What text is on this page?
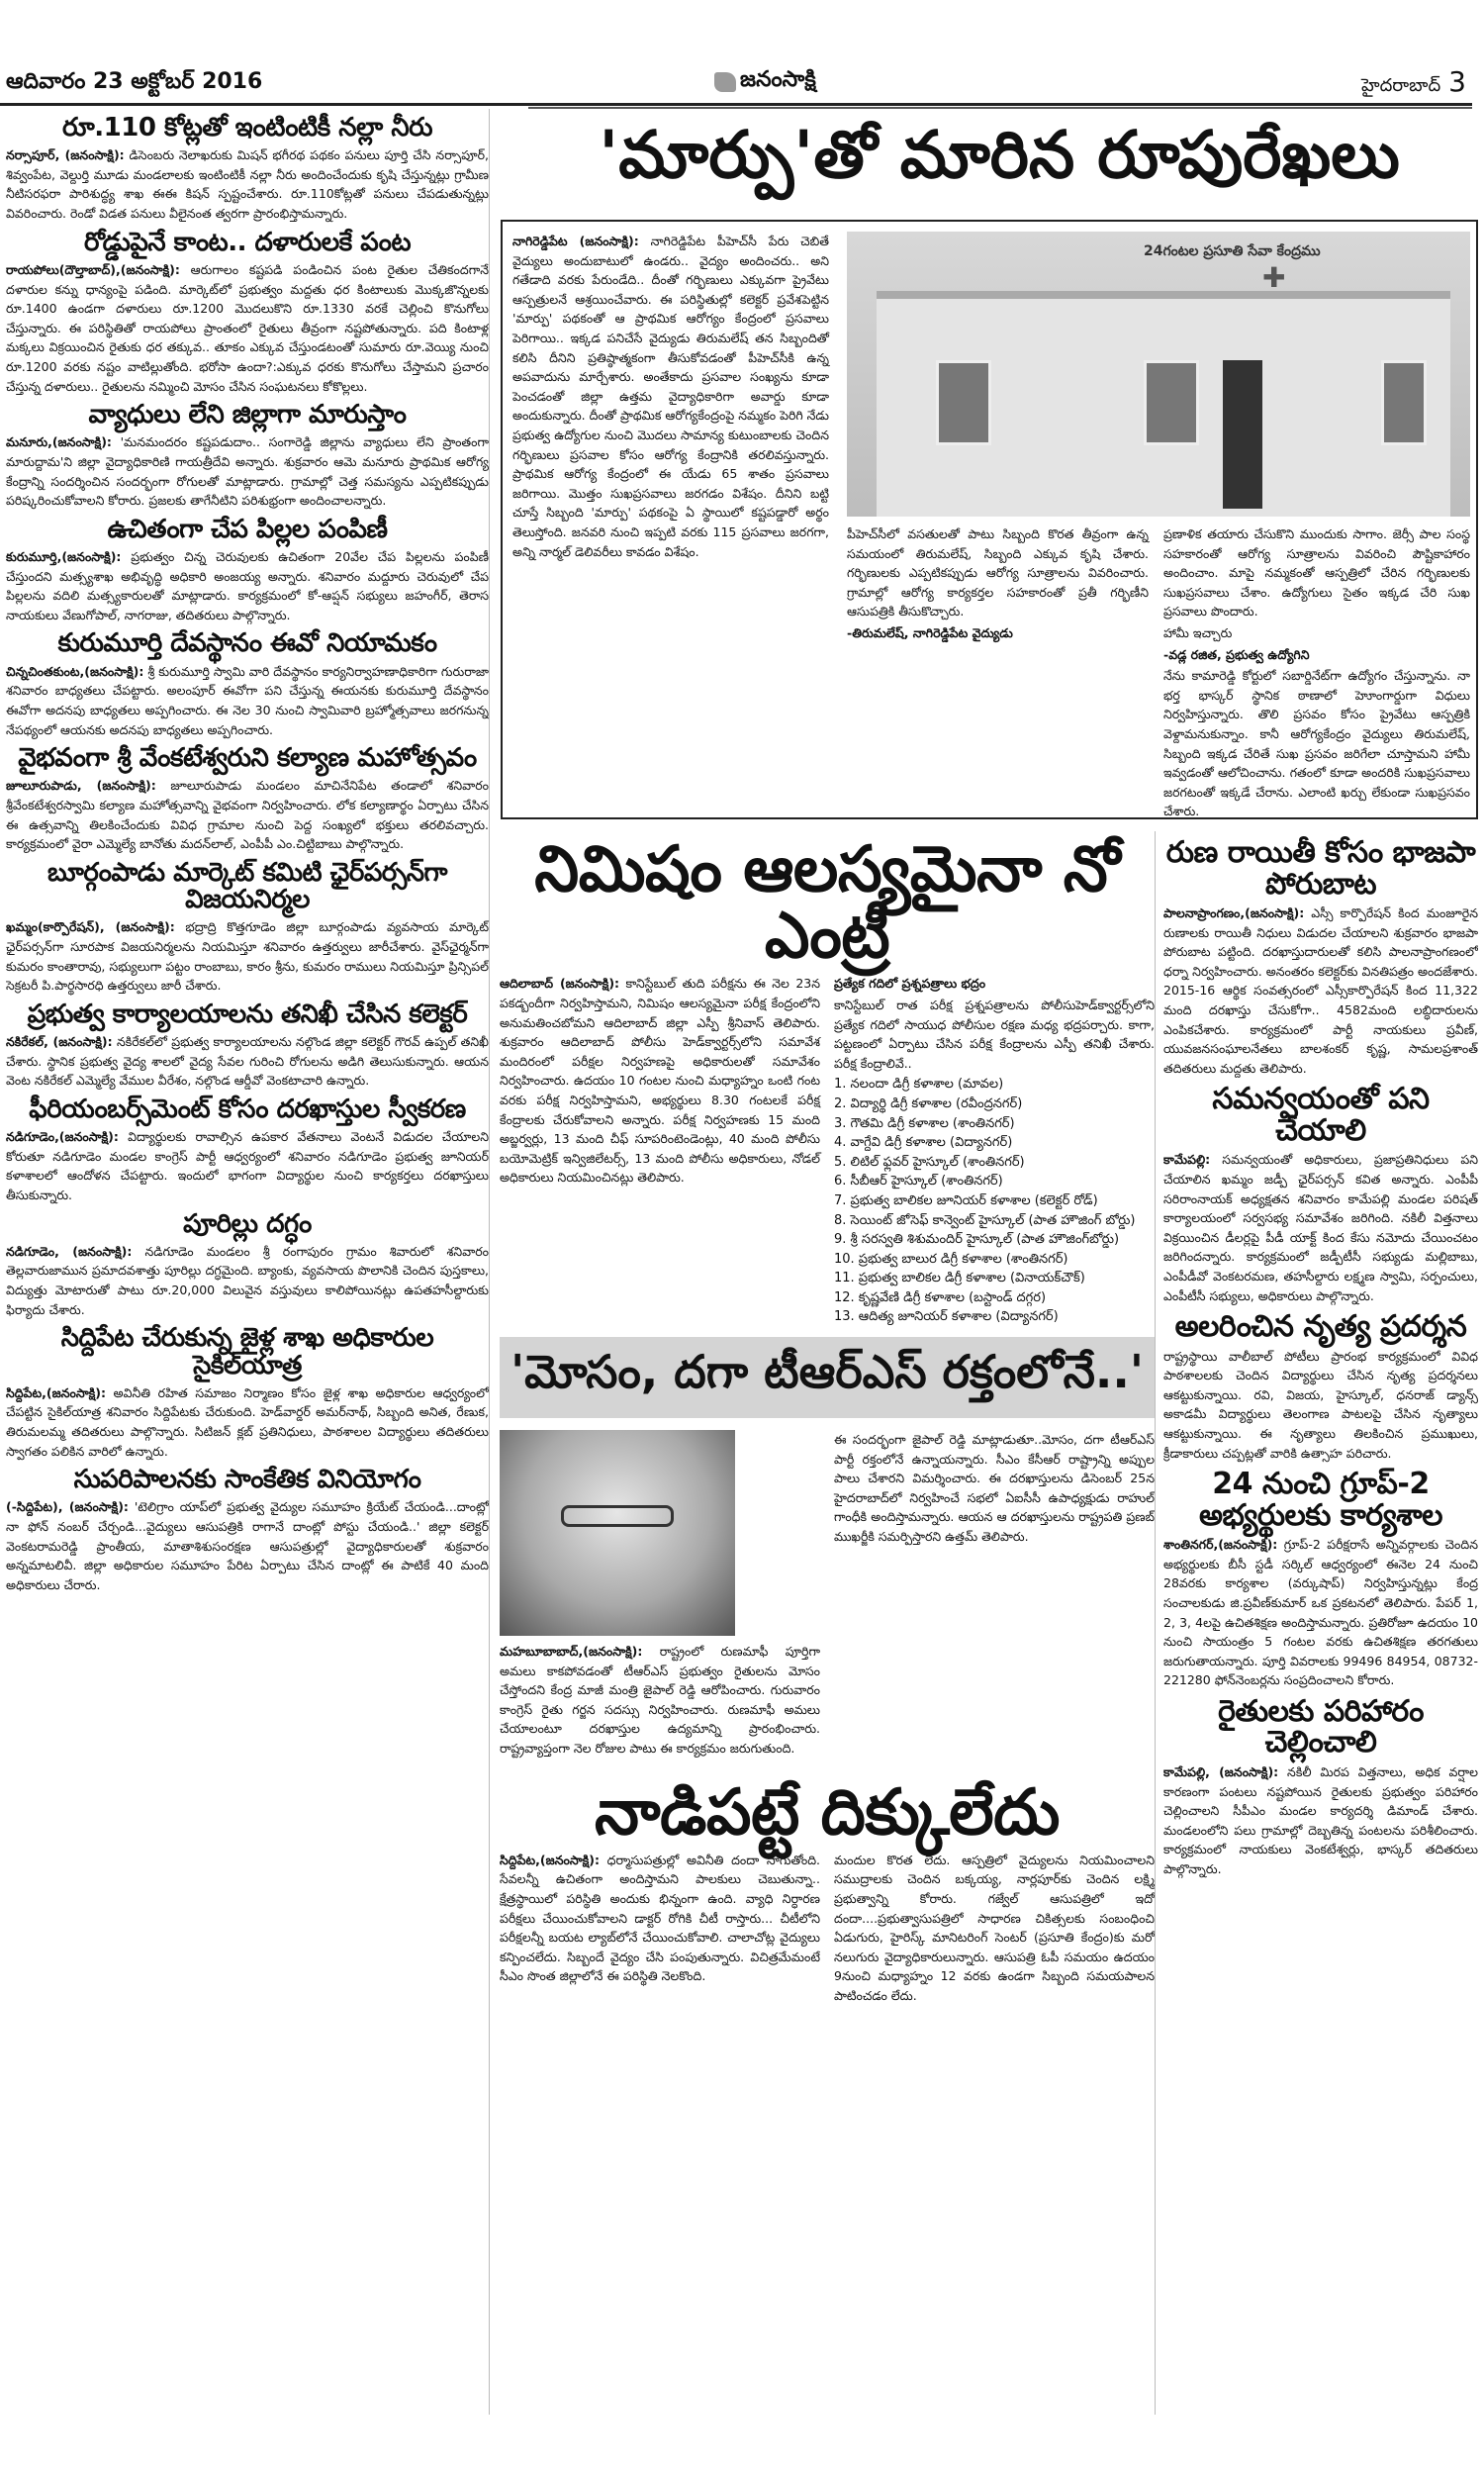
ఆదివారం 23 అక్టోబర్ 2016	జనంసాక్షి	హైదరాబాద్ 3
'మార్పు'తో మారిన రూపురేఖలు

నాగిరెడ్డిపేట (జనంసాక్షి): నాగిరెడ్డిపేట పీహెచ్‌సీ పేరు చెబితే వైద్యులు అందుబాటులో ఉండరు.. వైద్యం అందించరు.. అని గతేడాది వరకు పేరుండేది.. దీంతో గర్భిణులు ఎక్కువగా ప్రైవేటు ఆస్పత్రులనే ఆశ్రయించేవారు. ఈ పరిస్థితుల్లో కలెక్టర్ ప్రవేశపెట్టిన 'మార్పు' పథకంతో ఆ ప్రాథమిక ఆరోగ్యం కేంద్రంలో ప్రసవాలు పెరిగాయి.. ఇక్కడ పనిచేసే వైద్యుడు తిరుమలేష్ తన సిబ్బందితో కలిసి దీనిని ప్రతిష్ఠాత్మకంగా తీసుకోవడంతో పీహెచ్‌సీకి ఉన్న అపవాదును మార్చేశారు. అంతేకాదు ప్రసవాల సంఖ్యను కూడా పెంచడంతో జిల్లా ఉత్తమ వైద్యాధికారిగా అవార్డు కూడా అందుకున్నారు. దీంతో ప్రాథమిక ఆరోగ్యకేంద్రంపై నమ్మకం పెరిగి నేడు ప్రభుత్వ ఉద్యోగుల నుంచి మొదలు సామాన్య కుటుంబాలకు చెందిన గర్భిణులు ప్రసవాల కోసం ఆరోగ్య కేంద్రానికి తరలివస్తున్నారు. ప్రాథమిక ఆరోగ్య కేంద్రంలో ఈ యేడు 65 శాతం ప్రసవాలు జరిగాయి. మొత్తం సుఖప్రసవాలు జరగడం విశేషం. దీనిని బట్టి చూస్తే సిబ్బంది 'మార్పు' పథకంపై ఏ స్థాయిలో కష్టపడ్డారో అర్థం తెలుస్తోంది. జనవరి నుంచి ఇప్పటి వరకు 115 ప్రసవాలు జరగగా, అన్ని నార్మల్ డెలివరీలు కావడం విశేషం.

24గంటల ప్రసూతి సేవా కేంద్రము
✚

పీహెచ్‌సీలో వసతులతో పాటు సిబ్బంది కొరత తీవ్రంగా ఉన్న సమయంలో తిరుమలేష్, సిబ్బంది ఎక్కువ కృషి చేశారు. గర్భిణులకు ఎప్పటికప్పుడు ఆరోగ్య సూత్రాలను వివరించారు. గ్రామాల్లో ఆరోగ్య కార్యకర్తల సహకారంతో ప్రతీ గర్భిణీని ఆసుపత్రికి తీసుకొచ్చారు.

-తిరుమలేష్, నాగిరెడ్డిపేట వైద్యుడు

ప్రణాళిక తయారు చేసుకొని ముందుకు సాగాం. జెర్సీ పాల సంస్థ సహకారంతో ఆరోగ్య సూత్రాలను వివరించి పౌష్టికాహారం అందించాం. మాపై నమ్మకంతో ఆస్పత్రిలో చేరిన గర్భిణులకు సుఖప్రసవాలు చేశాం. ఉద్యోగులు సైతం ఇక్కడ చేరి సుఖ ప్రసవాలు పొందారు.

హామీ ఇచ్చారు

-వడ్ల రజిత, ప్రభుత్వ ఉద్యోగిని

నేను కామారెడ్డి కోర్టులో సబార్డినేట్‌గా ఉద్యోగం చేస్తున్నాను. నా భర్త భాస్కర్ స్థానిక ఠాణాలో హెూంగార్డుగా విధులు నిర్వహిస్తున్నారు. తొలి ప్రసవం కోసం ప్రైవేటు ఆస్పత్రికి వెళ్దామనుకున్నాం. కానీ ఆరోగ్యకేంద్రం వైద్యులు తిరుమలేష్, సిబ్బంది ఇక్కడ చేరితే సుఖ ప్రసవం జరిగేలా చూస్తామని హామీ ఇవ్వడంతో ఆలోచించాను. గతంలో కూడా అందరికి సుఖప్రసవాలు జరగటంతో ఇక్కడే చేరాను. ఎలాంటి ఖర్చు లేకుండా సుఖప్రసవం చేశారు.

రూ.110 కోట్లతో ఇంటింటికీ నల్లా నీరు

నర్సాపూర్, (జనంసాక్షి): డిసెంబరు నెలాఖరుకు మిషన్ భగీరథ పథకం పనులు పూర్తి చేసి నర్సాపూర్, శివ్వంపేట, వెల్దుర్తి మూడు మండలాలకు ఇంటింటికీ నల్లా నీరు అందించేందుకు కృషి చేస్తున్నట్లు గ్రామీణ నీటిసరఫరా పారిశుద్ధ్య శాఖ ఈఈ కిషన్ స్పష్టంచేశారు. రూ.110కోట్లతో పనులు చేపడుతున్నట్లు వివరించారు. రెండో విడత పనులు వీలైనంత త్వరగా ప్రారంభిస్తామన్నారు.

రోడ్డుపైనే కాంట.. దళారులకే పంట

రాయపోలు(దౌల్తాబాద్),(జనంసాక్షి): ఆరుగాలం కష్టపడి పండించిన పంట రైతుల చేతికందగానే దళారుల కన్ను ధాన్యంపై పడింది. మార్కెట్‌లో ప్రభుత్వం మద్దతు ధర కింటాలుకు మొక్కజొన్నలకు రూ.1400 ఉండగా దళారులు రూ.1200 మొదలుకొని రూ.1330 వరకే చెల్లించి కొనుగోలు చేస్తున్నారు. ఈ పరిస్థితితో రాయపోలు ప్రాంతంలో రైతులు తీవ్రంగా నష్టపోతున్నారు. పది కింటాళ్ల మక్కలు విక్రయించిన రైతుకు ధర తక్కువ.. తూకం ఎక్కువ చేస్తుండటంతో సుమారు రూ.వెయ్యి నుంచి రూ.1200 వరకు నష్టం వాటిల్లుతోంది. భరోసా ఉందా?:ఎక్కువ ధరకు కొనుగోలు చేస్తామని ప్రచారం చేస్తున్న దళారులు.. రైతులను నమ్మించి మోసం చేసిన సంఘటనలు కోకొల్లలు.

వ్యాధులు లేని జిల్లాగా మారుస్తాం

మనూరు,(జనంసాక్షి): 'మనమందరం కష్టపడుదాం.. సంగారెడ్డి జిల్లాను వ్యాధులు లేని ప్రాంతంగా మారుద్దామ'ని జిల్లా వైద్యాధికారిణి గాయత్రీదేవి అన్నారు. శుక్రవారం ఆమె మనూరు ప్రాథమిక ఆరోగ్య కేంద్రాన్ని సందర్శించిన సందర్భంగా రోగులతో మాట్లాడారు. గ్రామాల్లో చెత్త సమస్యను ఎప్పటికప్పుడు పరిష్కరించుకోవాలని కోరారు. ప్రజలకు తాగేనీటిని పరిశుభ్రంగా అందించాలన్నారు.

ఉచితంగా చేప పిల్లల పంపిణీ

కురుమూర్తి,(జనంసాక్షి): ప్రభుత్వం చిన్న చెరువులకు ఉచితంగా 20వేల చేప పిల్లలను పంపిణీ చేస్తుందని మత్స్యశాఖ అభివృద్ధి అధికారి అంజయ్య అన్నారు. శనివారం మద్దూరు చెరువులో చేప పిల్లలను వదిలి మత్స్యకారులతో మాట్లాడారు. కార్యక్రమంలో కో-ఆప్షన్ సభ్యులు జహంగీర్, తెరాస నాయకులు వేణుగోపాల్, నాగరాజు, తదితరులు పాల్గొన్నారు.

కురుమూర్తి దేవస్థానం ఈవో నియామకం

చిన్నచింతకుంట,(జనంసాక్షి): శ్రీ కురుమూర్తి స్వామి వారి దేవస్థానం కార్యనిర్వాహణాధికారిగా గురురాజా శనివారం బాధ్యతలు చేపట్టారు. అలంపూర్ ఈవోగా పని చేస్తున్న ఈయనకు కురుమూర్తి దేవస్థానం ఈవోగా అదనపు బాధ్యతలు అప్పగించారు. ఈ నెల 30 నుంచి స్వామివారి బ్రహ్మోత్సవాలు జరగనున్న నేపథ్యంలో ఆయనకు అదనపు బాధ్యతలు అప్పగించారు.

వైభవంగా శ్రీ వేంకటేశ్వరుని కల్యాణ మహోత్సవం

జూలూరుపాడు, (జనంసాక్షి): జూలూరుపాడు మండలం మాచినేనిపేట తండాలో శనివారం శ్రీవేంకటేశ్వరస్వామి కల్యాణ మహోత్సవాన్ని వైభవంగా నిర్వహించారు. లోక కల్యాణార్థం ఏర్పాటు చేసిన ఈ ఉత్సవాన్ని తిలకించేందుకు వివిధ గ్రామాల నుంచి పెద్ద సంఖ్యలో భక్తులు తరలివచ్చారు. కార్యక్రమంలో వైరా ఎమ్మెల్యే బానోతు మదన్‌లాల్, ఎంపీపీ ఎం.చిట్టిబాబు పాల్గొన్నారు.

బూర్గంపాడు మార్కెట్ కమిటి ఛైర్‌పర్సన్‌గా విజయనిర్మల

ఖమ్మం(కార్పొరేషన్), (జనంసాక్షి): భద్రాద్రి కొత్తగూడెం జిల్లా బూర్గంపాడు వ్యవసాయ మార్కెట్ ఛైర్‌పర్సన్‌గా సూరపాక విజయనిర్మలను నియమిస్తూ శనివారం ఉత్తర్వులు జారీచేశారు. వైస్‌ఛైర్మన్‌గా కుమరం కాంతారావు, సభ్యులుగా పట్టం రాంబాబు, కారం శ్రీను, కుమరం రాములు నియమిస్తూ ప్రిన్సిపల్ సెక్రటరీ పి.పార్థసారధి ఉత్తర్వులు జారీ చేశారు.

ప్రభుత్వ కార్యాలయాలను తనిఖీ చేసిన కలెక్టర్

నకిరేకల్, (జనంసాక్షి): నకిరేకల్‌లో ప్రభుత్వ కార్యాలయాలను నల్గొండ జిల్లా కలెక్టర్ గౌరవ్ ఉప్పల్ తనిఖీ చేశారు. స్థానిక ప్రభుత్వ వైద్య శాలలో వైద్య సేవల గురించి రోగులను అడిగి తెలుసుకున్నారు. ఆయన వెంట నకిరేకల్ ఎమ్మెల్యే వేముల వీరేశం, నల్గొండ ఆర్డీవో వెంకటాచారి ఉన్నారు.

ఫీరియంబర్స్‌మెంట్ కోసం దరఖాస్తుల స్వీకరణ

నడిగూడెం,(జనంసాక్షి): విద్యార్థులకు రావాల్సిన ఉపకార వేతనాలు వెంటనే విడుదల చేయాలని కోరుతూ నడిగూడెం మండల కాంగ్రెస్ పార్టీ ఆధ్వర్యంలో శనివారం నడిగూడెం ప్రభుత్వ జూనియర్ కళాశాలలో ఆందోళన చేపట్టారు. ఇందులో భాగంగా విద్యార్థుల నుంచి కార్యకర్తలు దరఖాస్తులు తీసుకున్నారు.

పూరిల్లు దగ్ధం

నడిగూడెం, (జనంసాక్షి): నడిగూడెం మండలం శ్రీ రంగాపురం గ్రామం శివారులో శనివారం తెల్లవారుజామున ప్రమాదవశాత్తు పూరిల్లు దగ్ధమైంది. బ్యాంకు, వ్యవసాయ పొలానికి చెందిన పుస్తకాలు, విద్యుత్తు మోటారుతో పాటు రూ.20,000 విలువైన వస్తువులు కాలిపోయినట్లు ఉపతహసీల్దారుకు ఫిర్యాదు చేశారు.

సిద్దిపేట చేరుకున్న జైళ్ల శాఖ అధికారుల సైకిల్‌యాత్ర

సిద్దిపేట,(జనంసాక్షి): అవినీతి రహిత సమాజం నిర్మాణం కోసం జైళ్ల శాఖ అధికారుల ఆధ్వర్యంలో చేపట్టిన సైకిల్‌యాత్ర శనివారం సిద్దిపేటకు చేరుకుంది. హెడ్‌వార్డర్ అమర్‌నాథ్, సిబ్బంది అనిత, రేణుక, తిరుమలమ్మ తదితరులు పాల్గొన్నారు. సిటిజన్ క్లబ్ ప్రతినిధులు, పాఠశాలల విద్యార్థులు తదితరులు స్వాగతం పలికిన వారిలో ఉన్నారు.

సుపరిపాలనకు సాంకేతిక వినియోగం

(-సిద్దిపేట), (జనంసాక్షి): 'టెలిగ్రాం యాప్‌లో ప్రభుత్వ వైద్యుల సమూహం క్రియేట్ చేయండి...దాంట్లో నా ఫోన్ నంబర్ చేర్చండి...వైద్యులు ఆసుపత్రికి రాగానే దాంట్లో పోస్టు చేయండి..' జిల్లా కలెక్టర్ వెంకటరామరెడ్డి ప్రాంతీయ, మాతాశిశుసంరక్షణ ఆసుపత్రుల్లో వైద్యాధికారులతో శుక్రవారం అన్నమాటలివీ. జిల్లా అధికారుల సమూహం పేరిట ఏర్పాటు చేసిన దాంట్లో ఈ పాటికే 40 మంది అధికారులు చేరారు.

నిమిషం ఆలస్యమైనా నో ఎంట్రీ

ఆదిలాబాద్ (జనంసాక్షి): కానిస్టేబుల్ తుది పరీక్షను ఈ నెల 23న పకడ్బందీగా నిర్వహిస్తామని, నిమిషం ఆలస్యమైనా పరీక్ష కేంద్రంలోని అనుమతించబోమని ఆదిలాబాద్ జిల్లా ఎస్పీ శ్రీనివాస్ తెలిపారు. శుక్రవారం ఆదిలాబాద్ పోలీసు హెడ్‌క్వార్టర్స్‌లోని సమావేశ మందిరంలో పరీక్షల నిర్వహణపై అధికారులతో సమావేశం నిర్వహించారు. ఉదయం 10 గంటల నుంచి మధ్యాహ్నం ఒంటి గంట వరకు పరీక్ష నిర్వహిస్తామని, అభ్యర్థులు 8.30 గంటలకే పరీక్ష కేంద్రాలకు చేరుకోవాలని అన్నారు. పరీక్ష నిర్వహణకు 15 మంది అబ్జర్వర్లు, 13 మంది చీఫ్ సూపరింటెండెంట్లు, 40 మంది పోలీసు బయోమెట్రిక్ ఇన్విజిలేటర్స్, 13 మంది పోలీసు అధికారులు, నోడల్ అధికారులు నియమించినట్లు తెలిపారు.

ప్రత్యేక గదిలో ప్రశ్నపత్రాలు భద్రం

కానిస్టేబుల్ రాత పరీక్ష ప్రశ్నపత్రాలను పోలీసుహెడ్‌క్వార్టర్స్‌లోని ప్రత్యేక గదిలో సాయుధ పోలీసుల రక్షణ మధ్య భద్రపర్చారు. కాగా, పట్టణంలో ఏర్పాటు చేసిన పరీక్ష కేంద్రాలను ఎస్పీ తనిఖీ చేశారు. పరీక్ష కేంద్రాలివే..

1. నలందా డిగ్రీ కళాశాల (మావల)
2. విద్యార్థి డిగ్రీ కళాశాల (రవీంద్రనగర్)
3. గౌతమి డిగ్రీ కళాశాల (శాంతినగర్)
4. వాగ్దేవి డిగ్రీ కళాశాల (విద్యానగర్)
5. లిటిల్ ఫ్లవర్ హైస్కూల్ (శాంతినగర్)
6. సీబీఆర్ హైస్కూల్ (శాంతినగర్)
7. ప్రభుత్వ బాలికల జూనియర్ కళాశాల (కలెక్టర్ రోడ్)
8. సెయింట్ జోసెఫ్ కాన్వెంట్ హైస్కూల్ (పాత హౌజింగ్ బోర్డు)
9. శ్రీ సరస్వతి శిశుమందిర్ హైస్కూల్ (పాత హౌజింగ్‌బోర్డు)
10. ప్రభుత్వ బాలుర డిగ్రీ కళాశాల (శాంతినగర్)
11. ప్రభుత్వ బాలికల డిగ్రీ కళాశాల (వినాయక్‌చౌక్)
12. కృష్ణవేణి డిగ్రీ కళాశాల (బస్టాండ్ దగ్గర)
13. ఆదిత్య జూనియర్ కళాశాల (విద్యానగర్)
'మోసం, దగా టీఆర్ఎస్ రక్తంలోనే..'

మహబూబాబాద్,(జనంసాక్షి): రాష్ట్రంలో రుణమాఫీ పూర్తిగా అమలు కాకపోవడంతో టీఆర్ఎస్ ప్రభుత్వం రైతులను మోసం చేస్తోందని కేంద్ర మాజీ మంత్రి జైపాల్ రెడ్డి ఆరోపించారు. గురువారం కాంగ్రెస్ రైతు గర్జన సదస్సు నిర్వహించారు. రుణమాఫీ అమలు చేయాలంటూ దరఖాస్తుల ఉద్యమాన్ని ప్రారంభించారు. రాష్ట్రవ్యాప్తంగా నెల రోజుల పాటు ఈ కార్యక్రమం జరుగుతుంది.

ఈ సందర్భంగా జైపాల్ రెడ్డి మాట్లాడుతూ..మోసం, దగా టీఆర్ఎస్ పార్టీ రక్తంలోనే ఉన్నాయన్నారు. సీఎం కేసీఆర్ రాష్ట్రాన్ని అప్పుల పాలు చేశారని విమర్శించారు. ఈ దరఖాస్తులను డిసెంబర్ 25న హైదరాబాద్‌లో నిర్వహించే సభలో ఏఐసీసీ ఉపాధ్యక్షుడు రాహుల్ గాంధీకి అందిస్తామన్నారు. ఆయన ఆ దరఖాస్తులను రాష్ట్రపతి ప్రణబ్ ముఖర్జీకి సమర్పిస్తారని ఉత్తమ్ తెలిపారు.

నాడిపట్టే దిక్కులేదు

సిద్దిపేట,(జనంసాక్షి): ధర్మాసుపత్రుల్లో అవినీతి దందా సాగుతోంది. సేవలన్నీ ఉచితంగా అందిస్తామని పాలకులు చెబుతున్నా.. క్షేత్రస్థాయిలో పరిస్థితి అందుకు భిన్నంగా ఉంది. వ్యాధి నిర్ధారణ పరీక్షలు చేయించుకోవాలని డాక్టర్ రోగికి చీటీ రాస్తారు... చీటీలోని పరీక్షలన్నీ బయట ల్యాబ్‌లోనే చేయించుకోవాలి. చాలాచోట్ల వైద్యులు కన్పించలేదు. సిబ్బందే వైద్యం చేసి పంపుతున్నారు. విచిత్రమేమంటే సీఎం సొంత జిల్లాలోనే ఈ పరిస్థితి నెలకొంది.

మందుల కొరత లేదు. ఆస్పత్రిలో వైద్యులను నియమించాలని సముద్రాలకు చెందిన బక్కయ్య, నార్లపూర్‌కు చెందిన లక్ష్మి ప్రభుత్వాన్ని కోరారు. గజ్వేల్ ఆసుపత్రిలో ఇదో దందా....ప్రభుత్వాసుపత్రిలో సాధారణ చికిత్సలకు సంబంధించి ఏడుగురు, హైరిస్క్ మానిటరింగ్ సెంటర్ (ప్రసూతి కేంద్రం)కు మరో నలుగురు వైద్యాధికారులున్నారు. ఆసుపత్రి ఓపీ సమయం ఉదయం 9నుంచి మధ్యాహ్నం 12 వరకు ఉండగా సిబ్బంది సమయపాలన పాటించడం లేదు.

రుణ రాయితీ కోసం భాజపా పోరుబాట

పాలనాప్రాంగణం,(జనంసాక్షి): ఎస్సీ కార్పొరేషన్ కింద మంజూరైన రుణాలకు రాయితీ నిధులు విడుదల చేయాలని శుక్రవారం భాజపా పోరుబాట పట్టింది. దరఖాస్తుదారులతో కలిసి పాలనాప్రాంగణంలో ధర్నా నిర్వహించారు. అనంతరం కలెక్టర్‌కు వినతిపత్రం అందజేశారు. 2015-16 ఆర్థిక సంవత్సరంలో ఎస్సీకార్పొరేషన్ కింద 11,322 మంది దరఖాస్తు చేసుకోగా.. 4582మంది లబ్ధిదారులను ఎంపికచేశారు. కార్యక్రమంలో పార్టీ నాయకులు ప్రవీణ్, యువజనసంఘాలనేతలు బాలశంకర్ కృష్ణ, సామలప్రశాంత్ తదితరులు మద్దతు తెలిపారు.

సమన్వయంతో పని చేయాలి

కామేపల్లి: సమన్వయంతో అధికారులు, ప్రజాప్రతినిధులు పని చేయాలిన ఖమ్మం జడ్పీ ఛైర్‌పర్సన్ కవిత అన్నారు. ఎంపీపీ సరిరాంనాయక్ అధ్యక్షతన శనివారం కామేపల్లి మండల పరిషత్ కార్యాలయంలో సర్వసభ్య సమావేశం జరిగింది. నకిలీ విత్తనాలు విక్రయించిన డీలర్లపై పీడీ యాక్ట్ కింద కేసు నమోదు చేయించటం జరిగిందన్నారు. కార్యక్రమంలో జడ్పీటీసీ సభ్యుడు మల్లిబాబు, ఎంపీడీవో వెంకటరమణ, తహసీల్దారు లక్ష్మణ స్వామి, సర్పంచులు, ఎంపీటీసీ సభ్యులు, అధికారులు పాల్గొన్నారు.

అలరించిన నృత్య ప్రదర్శన

రాష్ట్రస్థాయి వాలీబాల్ పోటీలు ప్రారంభ కార్యక్రమంలో వివిధ పాఠశాలలకు చెందిన విద్యార్థులు చేసిన నృత్య ప్రదర్శనలు ఆకట్టుకున్నాయి. రవి, విజయ, హైస్కూల్, ధనరాజ్ డ్యాన్స్ అకాడమీ విద్యార్థులు తెలంగాణ పాటలపై చేసిన నృత్యాలు ఆకట్టుకున్నాయి. ఈ నృత్యాలు తిలకించిన ప్రముఖులు, క్రీడాకారులు చప్పట్లతో వారికి ఉత్సాహ పరిచారు.

24 నుంచి గ్రూప్-2 అభ్యర్థులకు కార్యశాల

శాంతినగర్,(జనంసాక్షి): గ్రూప్-2 పరీక్షరాసే అన్నివర్గాలకు చెందిన అభ్యర్థులకు బీసీ స్టడీ సర్కిల్ ఆధ్వర్యంలో ఈనెల 24 నుంచి 28వరకు కార్యశాల (వర్కుషాప్) నిర్వహిస్తున్నట్లు కేంద్ర సంచాలకుడు జి.ప్రవీణ్‌కుమార్ ఒక ప్రకటనలో తెలిపారు. పేపర్ 1, 2, 3, 4లపై ఉచితశిక్షణ అందిస్తామన్నారు. ప్రతిరోజూ ఉదయం 10 నుంచి సాయంత్రం 5 గంటల వరకు ఉచితశిక్షణ తరగతులు జరుగుతాయన్నారు. పూర్తి వివరాలకు 99496 84954, 08732-221280 ఫోన్‌నెంబర్లను సంప్రదించాలని కోరారు.

రైతులకు పరిహారం చెల్లించాలి

కామేపల్లి, (జనంసాక్షి): నకిలీ మిరప విత్తనాలు, అధిక వర్షాల కారణంగా పంటలు నష్టపోయిన రైతులకు ప్రభుత్వం పరిహారం చెల్లించాలని సీపీఎం మండల కార్యదర్శి డిమాండ్ చేశారు. మండలంలోని పలు గ్రామాల్లో దెబ్బతిన్న పంటలను పరిశీలించారు. కార్యక్రమంలో నాయకులు వెంకటేశ్వర్లు, భాస్కర్ తదితరులు పాల్గొన్నారు.
